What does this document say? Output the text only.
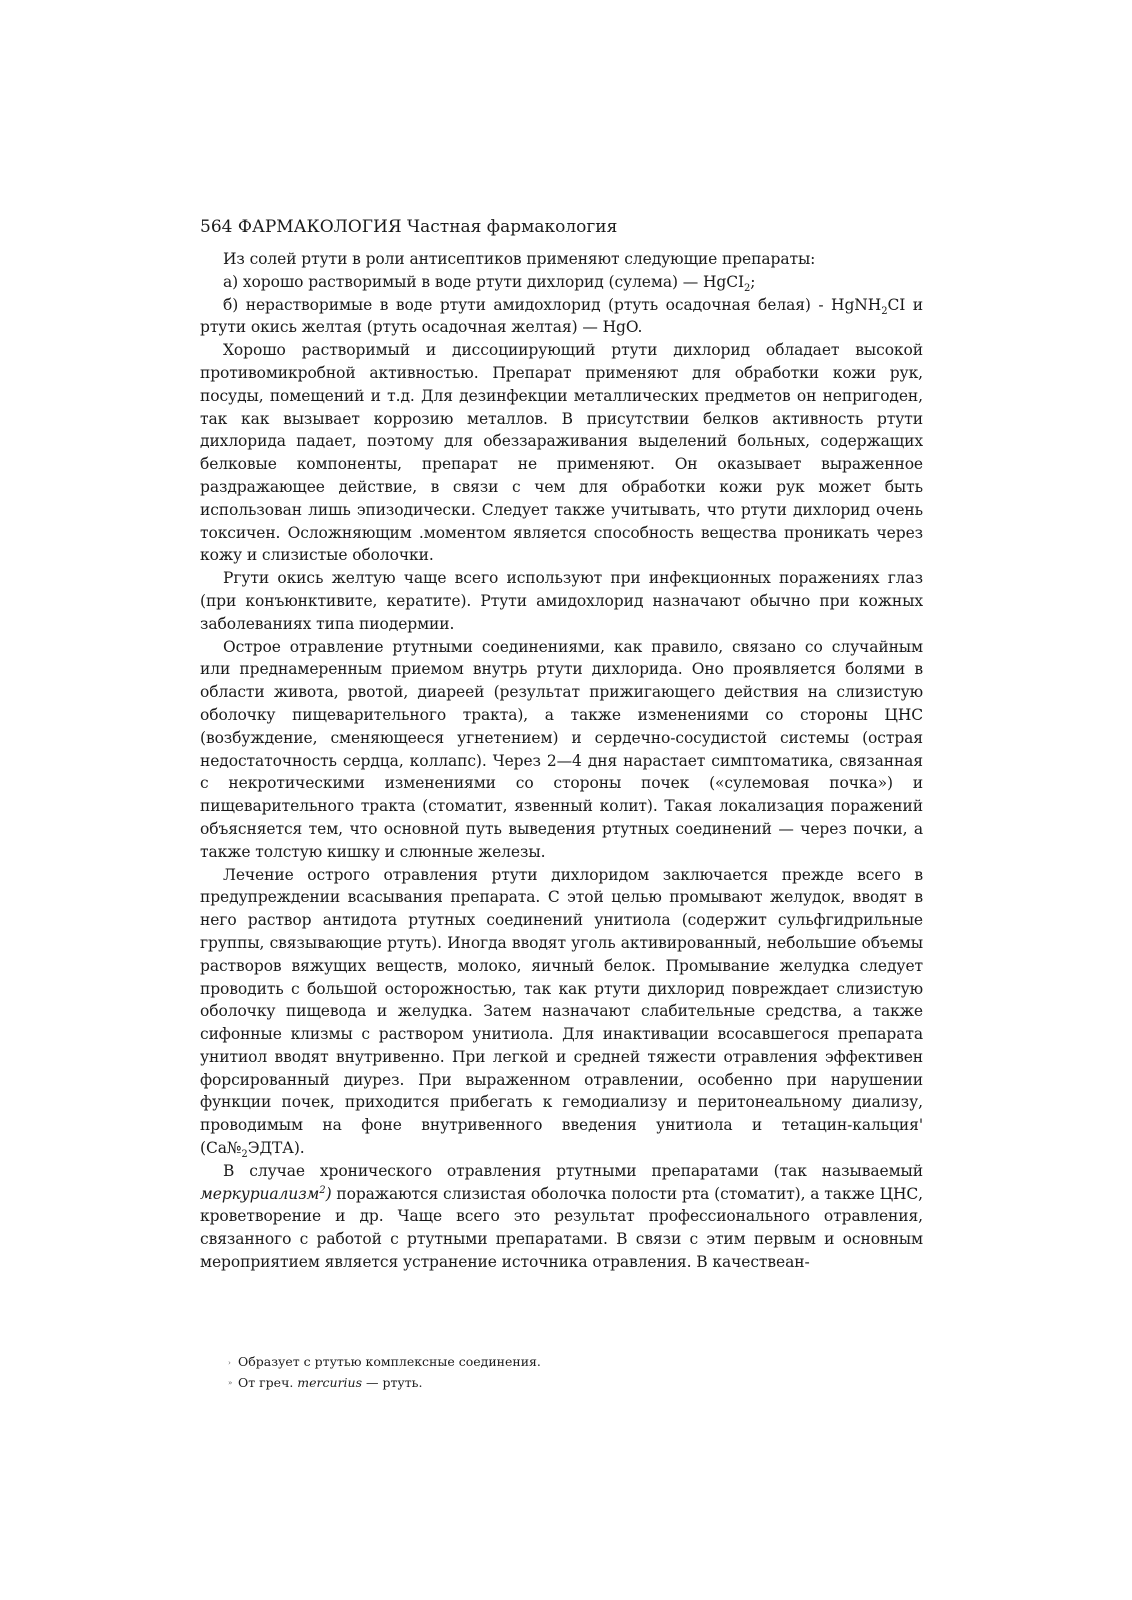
564 ФАРМАКОЛОГИЯ Частная фармакология

Из солей ртути в роли антисептиков применяют следующие препараты:

а) хорошо растворимый в воде ртути дихлорид (сулема) — HgCI$_2$;

б) нерастворимые в воде ртути амидохлорид (ртуть осадочная белая) - HgNH$_2$CI и ртути окись желтая (ртуть осадочная желтая) — HgO.

Хорошо растворимый и диссоциирующий ртути дихлорид обладает высокой противомикробной активностью. Препарат применяют для обработки кожи рук, посуды, помещений и т.д. Для дезинфекции металлических предметов он непригоден, так как вызывает коррозию металлов. В присутствии белков активность ртути дихлорида падает, поэтому для обеззараживания выделений больных, содержащих белковые компоненты, препарат не применяют. Он оказывает выраженное раздражающее действие, в связи с чем для обработки кожи рук может быть использован лишь эпизодически. Следует также учитывать, что ртути дихлорид очень токсичен. Осложняющим .моментом является способность вещества проникать через кожу и слизистые оболочки.

Ргути окись желтую чаще всего используют при инфекционных поражениях глаз (при конъюнктивите, кератите). Ртути амидохлорид назначают обычно при кожных заболеваниях типа пиодермии.

Острое отравление ртутными соединениями, как правило, связано со случайным или преднамеренным приемом внутрь ртути дихлорида. Оно проявляется болями в области живота, рвотой, диареей (результат прижигающего действия на слизистую оболочку пищеварительного тракта), а также изменениями со стороны ЦНС (возбуждение, сменяющееся угнетением) и сердечно-сосудистой системы (острая недостаточность сердца, коллапс). Через 2—4 дня нарастает симптоматика, связанная с некротическими изменениями со стороны почек («сулемовая почка») и пищеварительного тракта (стоматит, язвенный колит). Такая локализация поражений объясняется тем, что основной путь выведения ртутных соединений — через почки, а также толстую кишку и слюнные железы.

Лечение острого отравления ртути дихлоридом заключается прежде всего в предупреждении всасывания препарата. С этой целью промывают желудок, вводят в него раствор антидота ртутных соединений унитиола (содержит сульфгидрильные группы, связывающие ртуть). Иногда вводят уголь активированный, небольшие объемы растворов вяжущих веществ, молоко, яичный белок. Промывание желудка следует проводить с большой осторожностью, так как ртути дихлорид повреждает слизистую оболочку пищевода и желудка. Затем назначают слабительные средства, а также сифонные клизмы с раствором унитиола. Для инактивации всосавшегося препарата унитиол вводят внутривенно. При легкой и средней тяжести отравления эффективен форсированный диурез. При выраженном отравлении, особенно при нарушении функции почек, приходится прибегать к гемодиализу и перитонеальному диализу, проводимым на фоне внутривенного введения унитиола и тетацин-кальция' $(Ca№_2ЭДТА)$.

В случае хронического отравления ртутными препаратами (так называемый меркуриализм$^2$) поражаются слизистая оболочка полости рта (стоматит), а также ЦНС, кроветворение и др. Чаще всего это результат профессионального отравления, связанного с работой с ртутными препаратами. В связи с этим первым и основным мероприятием является устранение источника отравления. В качествеан-

› Образует с ртутью комплексные соединения.
» От греч. mercurius — ртуть.
